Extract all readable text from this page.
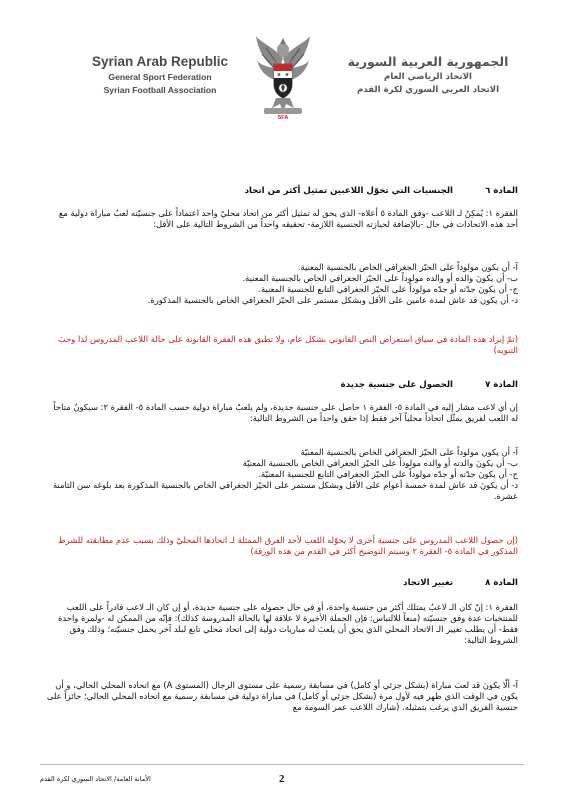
Syrian Arab Republic
General Sport Federation
Syrian Football Association
SFA
الجمهورية العربية السورية
الاتحاد الرياضي العام
الاتحاد العربي السوري لكرة القدم
المادة ٦ الجنسيات التي تخوّل اللاعبين تمثيل أكثر من اتحاد
الفقرة ١: يُمكِنُ لـ اللاعب -وفق المادة ٥ أعلاه- الذي يحق له تمثيل أكثر من اتحاد محليّ واحد اعتماداً على جنسيّته لعبُ مباراة دولية مع أحد هذه الاتحادات في حال -بالإضافة لحيازته الجنسية اللازمة- تحقيقه واحداً من الشروط التالية على الأقل:
آ- أن يكون مولوداً على الحيّز الجغرافي الخاص بالجنسية المعنية.
ب- أن يكونَ والده أو والده مولوداً على الحيّز الجغرافي الخاص بالجنسية المعنية.
ج- أن يكونَ جدّته أو جدّه مولوداً على الحيّز الجغرافي التابع للجنسية المعنية.
د- أن يكون قد عاش لمدة عامين على الأقل وبشكل مستمر على الحيّز الجغرافي الخاص بالجنسية المذكورة.
(تمّ إيراد هذه المادة في سياق استعراض النص القانوني بشكل عام، ولا تطبق هذه الفقرة القانونة على حالة اللاعب المدروس لذا وجبَ التنويه)
المادة ٧ الحصول على جنسية جديدة
إن أي لاعب مشار إليه في المادة ٥- الفقرة ١ حاصل على جنسية جديدة، ولم يلعبْ مباراة دولية حسب المادة ٥- الفقرة ٢: سيكونُ متاحاً له اللعب لفريق يمثّل اتحاداً محلياً آخر فقط إذا حقق واحداً من الشروط التالية:
آ- أن يكون مولوداً على الحيّز الجغرافي الخاص بالجنسية المعنيّة
ب- أن يكونَ والدته أو والده مولوداً على الحيّز الجغرافي الخاص بالجنسية المعنيّة
ج- أن يكونَ جدّته أو جدّه مولوداً على الحيّز الجغرافي التابع للجنسية المعنيّة.
د- أن يكونَ قد عاش لمدة خمسة أعوام على الأقل وبشكل مستمر على الحيّز الجغرافي الخاص بالجنسية المذكورة بعد بلوغه سن الثامنة عشرة.
(إن حصول اللاعب المدروس على جنسية أخرى لا يخوّله اللعب لأحد الفرق الممثلة لـ اتحادها المحليّ وذلك بسبب عدم مطابقته للشرط المذكور في المادة ٥- الفقرة ٢ وسيتم التوضيح أكثر في القدم من هذه الورقة)
المادة ٨ تغيير الاتحاد
الفقرة ١: إنّ كان الـ لاعبُ يمتلك أكثر من جنسية واحدة، أو في حال حصوله على جنسية جديدة، أو إن كان الـ لاعب قادراً على اللعب للمنتخبات عدة وفق جنسيّته (منعاً للالتباس: فإن الجملة الأخيرة لا علاقة لها بالحالة المدروسة كذلك): فإنّه من الممكن له -ولمرة واحدة فقط- أن يطلب تغيير الـ الاتحاد المحلي الذي يحق أن يلعبَ له مباريات دولية إلى اتحاد محلي تابع لبلد آخر يحمل جنسيّته؛ وذلك وفق الشروط التالية:
آ- ألّا يكونَ قد لعبَ مباراة (بشكل جزئي أو كامل) في مسابقة رسمية على مستوى الرجال (المستوى A) مع اتحاده المحلي الحالي، و أن يكون في الوقت الذي ظهر فيه لأول مرة (بشكل جزئي أو كامل) في مباراة دولية في مسابقة رسمية مع اتحاده المحلي الحالي؛ حائزاً على جنسية الفريق الذي يرغب بتمثيله. (شارك اللاعب عمر السومة مع
2
الأمانة العامة/ الاتحاد السوري لكرة القدم
